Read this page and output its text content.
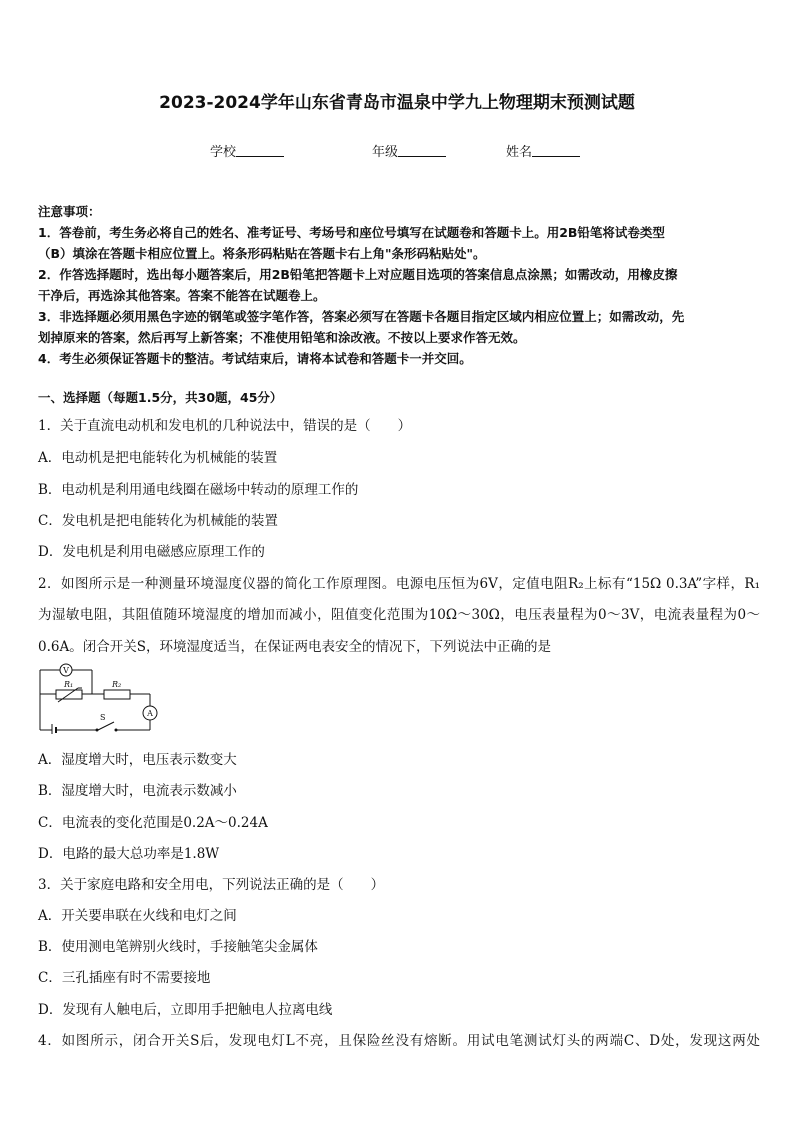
2023-2024学年山东省青岛市温泉中学九上物理期末预测试题
学校	年级	姓名
注意事项：
1．答卷前，考生务必将自己的姓名、准考证号、考场号和座位号填写在试题卷和答题卡上。用2B铅笔将试卷类型
（B）填涂在答题卡相应位置上。将条形码粘贴在答题卡右上角"条形码粘贴处"。
2．作答选择题时，选出每小题答案后，用2B铅笔把答题卡上对应题目选项的答案信息点涂黑；如需改动，用橡皮擦
干净后，再选涂其他答案。答案不能答在试题卷上。
3．非选择题必须用黑色字迹的钢笔或签字笔作答，答案必须写在答题卡各题目指定区域内相应位置上；如需改动，先
划掉原来的答案，然后再写上新答案；不准使用铅笔和涂改液。不按以上要求作答无效。
4．考生必须保证答题卡的整洁。考试结束后，请将本试卷和答题卡一并交回。
一、选择题（每题1.5分，共30题，45分）
1．关于直流电动机和发电机的几种说法中，错误的是（　　）
A．电动机是把电能转化为机械能的装置
B．电动机是利用通电线圈在磁场中转动的原理工作的
C．发电机是把电能转化为机械能的装置
D．发电机是利用电磁感应原理工作的
2．如图所示是一种测量环境湿度仪器的简化工作原理图。电源电压恒为6V，定值电阻R₂上标有“15Ω 0.3A”字样，R₁
为湿敏电阻，其阻值随环境湿度的增加而减小，阻值变化范围为10Ω～30Ω，电压表量程为0～3V，电流表量程为0～
0.6A。闭合开关S，环境湿度适当，在保证两电表安全的情况下，下列说法中正确的是
V
A
R₁	R₂
S
A．湿度增大时，电压表示数变大
B．湿度增大时，电流表示数减小
C．电流表的变化范围是0.2A～0.24A
D．电路的最大总功率是1.8W
3．关于家庭电路和安全用电，下列说法正确的是（　　）
A．开关要串联在火线和电灯之间
B．使用测电笔辨别火线时，手接触笔尖金属体
C．三孔插座有时不需要接地
D．发现有人触电后，立即用手把触电人拉离电线
4．如图所示，闭合开关S后，发现电灯L不亮，且保险丝没有熔断。用试电笔测试灯头的两端C、D处，发现这两处
